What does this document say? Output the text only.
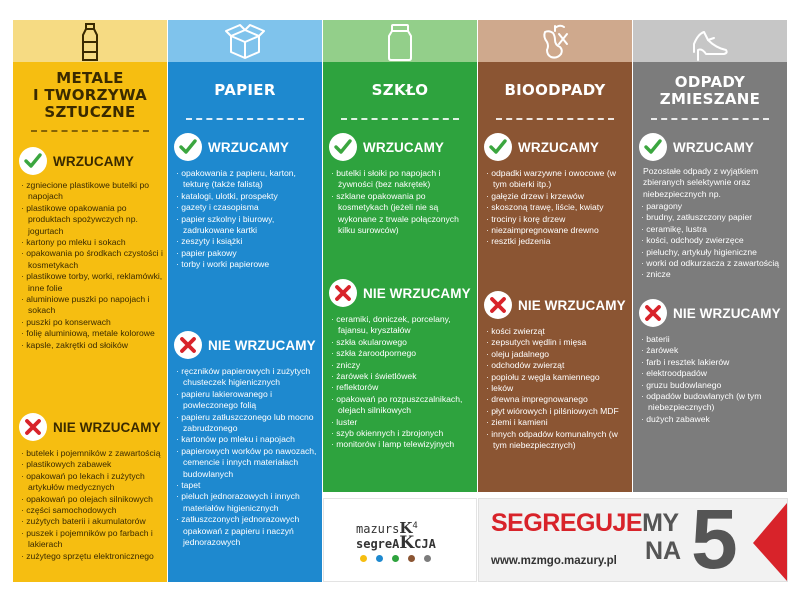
METALE
I TWORZYWA
SZTUCZNE
WRZUCAMY
· zgniecione plastikowe butelki po napojach
· plastikowe opakowania po produktach spożywczych np. jogurtach
· kartony po mleku i sokach
· opakowania po środkach czystości i kosmetykach
· plastikowe torby, worki, reklamówki, inne folie
· aluminiowe puszki po napojach i sokach
· puszki po konserwach
· folię aluminiową, metale kolorowe
· kapsle, zakrętki od słoików
NIE WRZUCAMY
· butelek i pojemników z zawartością
· plastikowych zabawek
· opakowań po lekach i zużytych artykułów medycznych
· opakowań po olejach silnikowych
· części samochodowych
· zużytych baterii i akumulatorów
· puszek i pojemników po farbach i lakierach
· zużytego sprzętu elektronicznego
PAPIER
WRZUCAMY
· opakowania z papieru, karton, tekturę (także falistą)
· katalogi, ulotki, prospekty
· gazety i czasopisma
· papier szkolny i biurowy, zadrukowane kartki
· zeszyty i książki
· papier pakowy
· torby i worki papierowe
NIE WRZUCAMY
· ręczników papierowych i zużytych chusteczek higienicznych
· papieru lakierowanego i powleczonego folią
· papieru zatłuszczonego lub mocno zabrudzonego
· kartonów po mleku i napojach
· papierowych worków po nawozach, cemencie i innych materiałach budowlanych
· tapet
· pieluch jednorazowych i innych materiałów higienicznych
· zatłuszczonych jednorazowych opakowań z papieru i naczyń jednorazowych
SZKŁO
WRZUCAMY
· butelki i słoiki po napojach i żywności (bez nakrętek)
· szklane opakowania po kosmetykach (jeżeli nie są wykonane z trwale połączonych kilku surowców)
NIE WRZUCAMY
· ceramiki, doniczek, porcelany, fajansu, kryształów
· szkła okularowego
· szkła żaroodpornego
· zniczy
· żarówek i świetlówek
· reflektorów
· opakowań po rozpuszczalnikach, olejach silnikowych
· luster
· szyb okiennych i zbrojonych
· monitorów i lamp telewizyjnych
BIOODPADY
WRZUCAMY
· odpadki warzywne i owocowe (w tym obierki itp.)
· gałęzie drzew i krzewów
· skoszoną trawę, liście, kwiaty
· trociny i korę drzew
· niezaimpregnowane drewno
· resztki jedzenia
NIE WRZUCAMY
· kości zwierząt
· zepsutych wędlin i mięsa
· oleju jadalnego
· odchodów zwierząt
· popiołu z węgla kamiennego
· leków
· drewna impregnowanego
· płyt wiórowych i pilśniowych MDF
· ziemi i kamieni
· innych odpadów komunalnych (w tym niebezpiecznych)
ODPADY
ZMIESZANE
WRZUCAMY
Pozostałe odpady z wyjątkiem zbieranych selektywnie oraz niebezpiecznych np.
· paragony
· brudny, zatłuszczony papier
· ceramikę, lustra
· kości, odchody zwierzęce
· pieluchy, artykuły higieniczne
· worki od odkurzacza z zawartością
· znicze
NIE WRZUCAMY
· baterii
· żarówek
· farb i resztek lakierów
· elektroodpadów
· gruzu budowlanego
· odpadów budowlanych (w tym niebezpiecznych)
· dużych zabawek
mazursK$^4$
segreAKCJA
SEGREGUJEMY
NA 5
www.mzmgo.mazury.pl
